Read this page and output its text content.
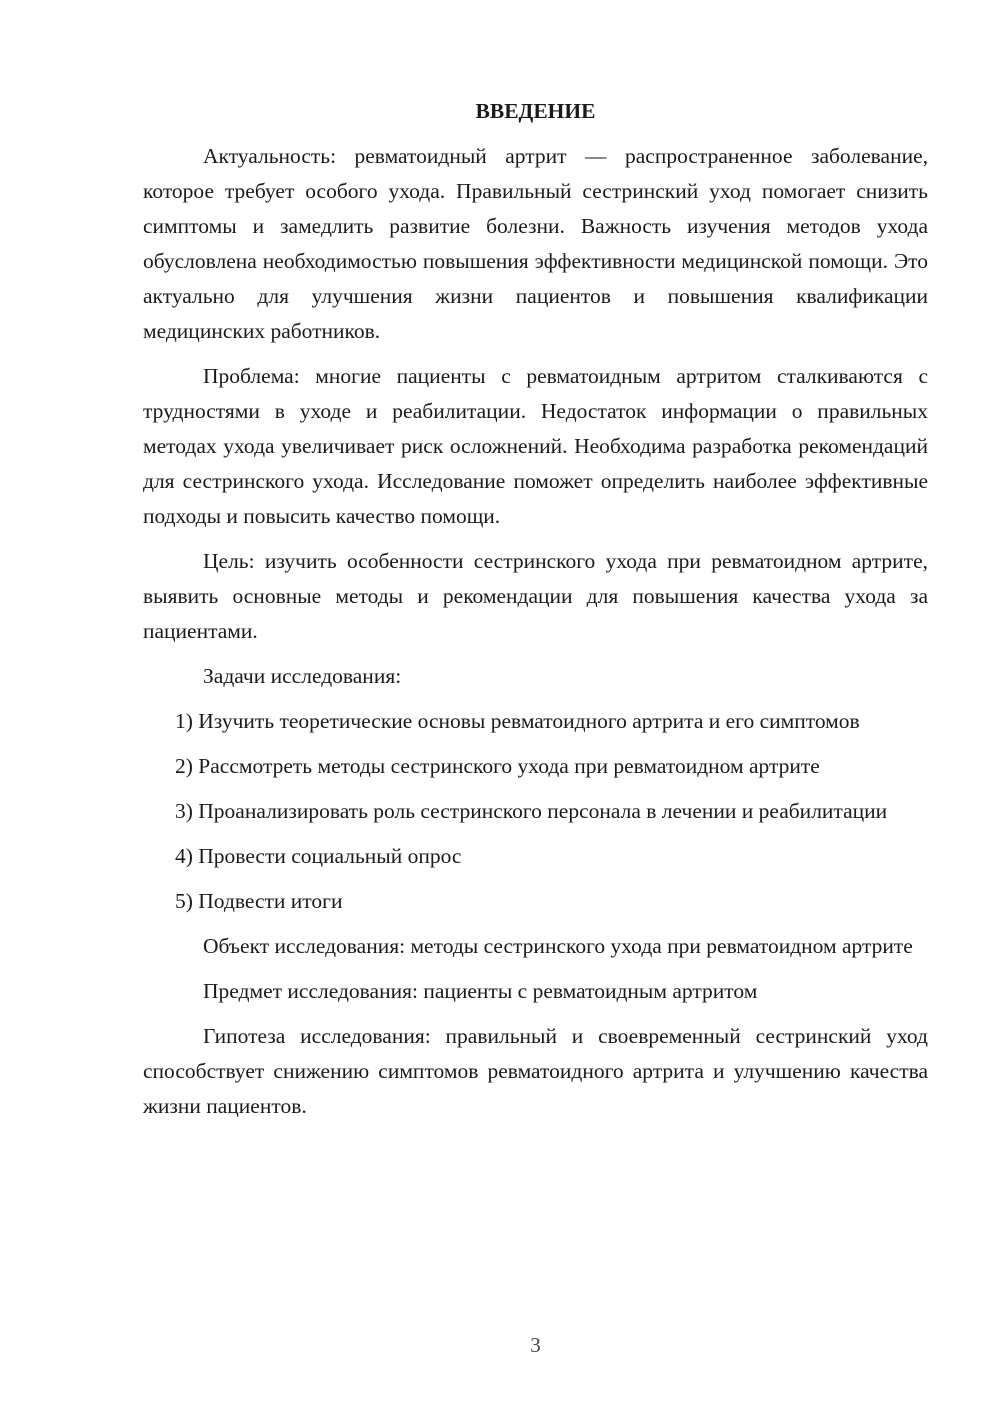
ВВЕДЕНИЕ

Актуальность: ревматоидный артрит — распространенное заболевание, которое требует особого ухода. Правильный сестринский уход помогает снизить симптомы и замедлить развитие болезни. Важность изучения методов ухода обусловлена необходимостью повышения эффективности медицинской помощи. Это актуально для улучшения жизни пациентов и повышения квалификации медицинских работников.

Проблема: многие пациенты с ревматоидным артритом сталкиваются с трудностями в уходе и реабилитации. Недостаток информации о правильных методах ухода увеличивает риск осложнений. Необходима разработка рекомендаций для сестринского ухода. Исследование поможет определить наиболее эффективные подходы и повысить качество помощи.

Цель: изучить особенности сестринского ухода при ревматоидном артрите, выявить основные методы и рекомендации для повышения качества ухода за пациентами.

Задачи исследования:

1) Изучить теоретические основы ревматоидного артрита и его симптомов

2) Рассмотреть методы сестринского ухода при ревматоидном артрите

3) Проанализировать роль сестринского персонала в лечении и реабилитации

4) Провести социальный опрос

5) Подвести итоги

Объект исследования: методы сестринского ухода при ревматоидном артрите

Предмет исследования: пациенты с ревматоидным артритом

Гипотеза исследования: правильный и своевременный сестринский уход способствует снижению симптомов ревматоидного артрита и улучшению качества жизни пациентов.

3
